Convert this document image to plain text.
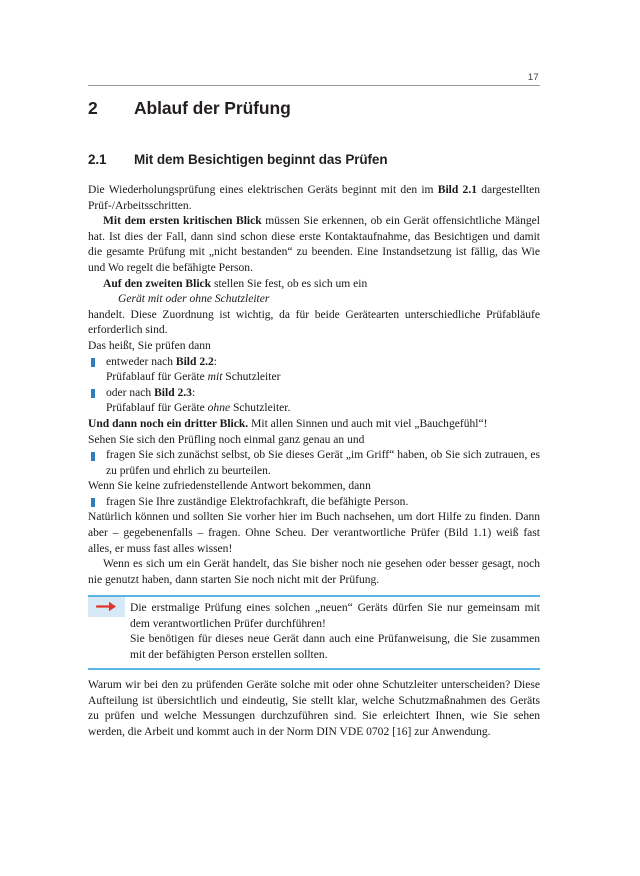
17
2 Ablauf der Prüfung
2.1 Mit dem Besichtigen beginnt das Prüfen

Die Wiederholungsprüfung eines elektrischen Geräts beginnt mit den im Bild 2.1 dargestellten Prüf-/Arbeitsschritten.

Mit dem ersten kritischen Blick müssen Sie erkennen, ob ein Gerät offensichtliche Mängel hat. Ist dies der Fall, dann sind schon diese erste Kontaktaufnahme, das Besichtigen und damit die gesamte Prüfung mit „nicht bestanden“ zu beenden. Eine Instandsetzung ist fällig, das Wie und Wo regelt die befähigte Person.

Auf den zweiten Blick stellen Sie fest, ob es sich um ein

Gerät mit oder ohne Schutzleiter

handelt. Diese Zuordnung ist wichtig, da für beide Gerätearten unterschiedliche Prüfabläufe erforderlich sind.

Das heißt, Sie prüfen dann

entweder nach Bild 2.2:
Prüfablauf für Geräte mit Schutzleiter
oder nach Bild 2.3:
Prüfablauf für Geräte ohne Schutzleiter.

Und dann noch ein dritter Blick. Mit allen Sinnen und auch mit viel „Bauchgefühl“!

Sehen Sie sich den Prüfling noch einmal ganz genau an und

fragen Sie sich zunächst selbst, ob Sie dieses Gerät „im Griff“ haben, ob Sie sich zutrauen, es zu prüfen und ehrlich zu beurteilen.

Wenn Sie keine zufriedenstellende Antwort bekommen, dann

fragen Sie Ihre zuständige Elektrofachkraft, die befähigte Person.

Natürlich können und sollten Sie vorher hier im Buch nachsehen, um dort Hilfe zu finden. Dann aber – gegebenenfalls – fragen. Ohne Scheu. Der verantwortliche Prüfer (Bild 1.1) weiß fast alles, er muss fast alles wissen!

Wenn es sich um ein Gerät handelt, das Sie bisher noch nie gesehen oder besser gesagt, noch nie genutzt haben, dann starten Sie noch nicht mit der Prüfung.

Die erstmalige Prüfung eines solchen „neuen“ Geräts dürfen Sie nur gemeinsam mit dem verantwortlichen Prüfer durchführen!

Sie benötigen für dieses neue Gerät dann auch eine Prüfanweisung, die Sie zusammen mit der befähigten Person erstellen sollten.

Warum wir bei den zu prüfenden Geräte solche mit oder ohne Schutzleiter unterscheiden? Diese Aufteilung ist übersichtlich und eindeutig, Sie stellt klar, welche Schutzmaßnahmen des Geräts zu prüfen und welche Messungen durchzuführen sind. Sie erleichtert Ihnen, wie Sie sehen werden, die Arbeit und kommt auch in der Norm DIN VDE 0702 [16] zur Anwendung.
